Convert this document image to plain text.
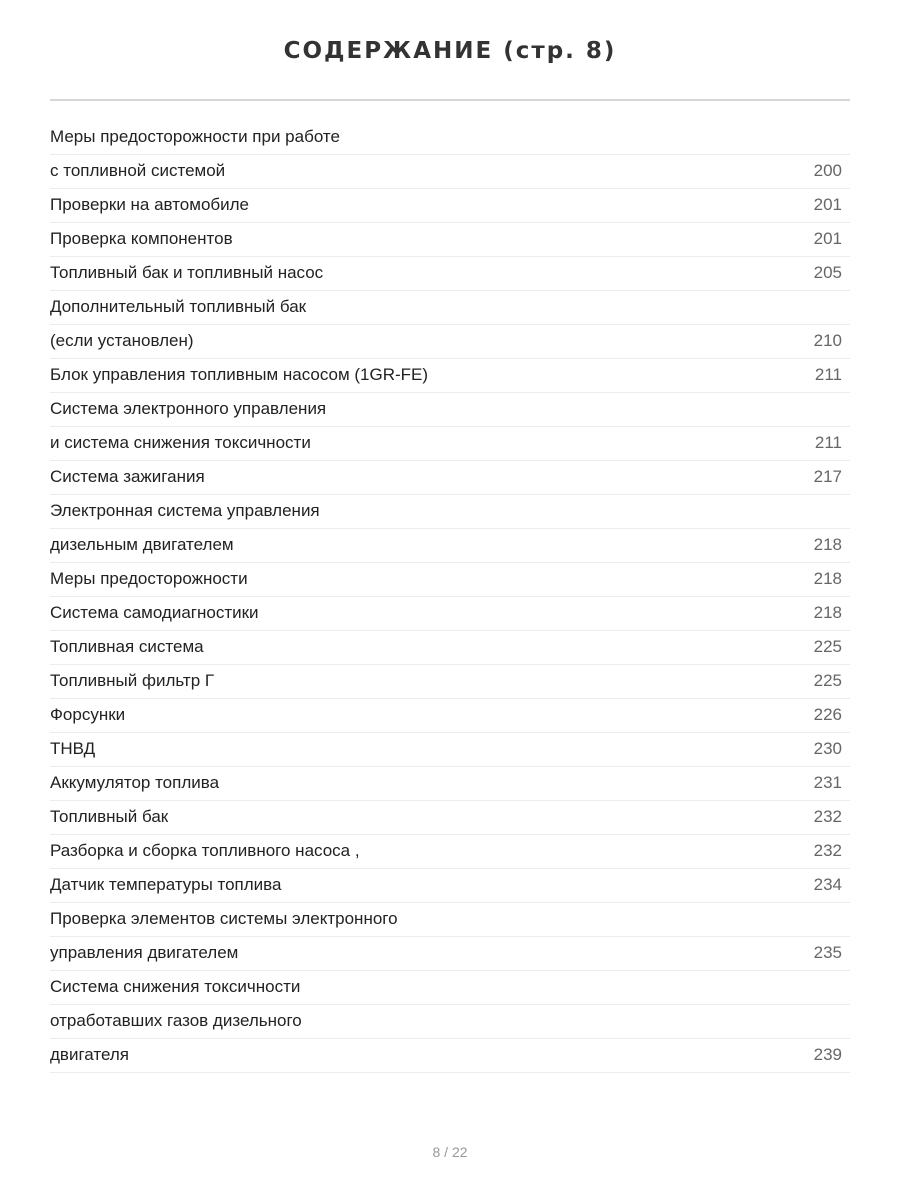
СОДЕРЖАНИЕ (стр. 8)
Меры предосторожности при работе
с топливной системой	200
Проверки на автомобиле	201
Проверка компонентов	201
Топливный бак и топливный насос	205
Дополнительный топливный бак
(если установлен)	210
Блок управления топливным насосом (1GR-FE)	211
Система электронного управления
и система снижения токсичности	211
Система зажигания	217
Электронная система управления
дизельным двигателем	218
Меры предосторожности	218
Система самодиагностики	218
Топливная система	225
Топливный фильтр Г	225
Форсунки	226
ТНВД	230
Аккумулятор топлива	231
Топливный бак	232
Разборка и сборка топливного насоса ,	232
Датчик температуры топлива	234
Проверка элементов системы электронного
управления двигателем	235
Система снижения токсичности
отработавших газов дизельного
двигателя	239
8 / 22
